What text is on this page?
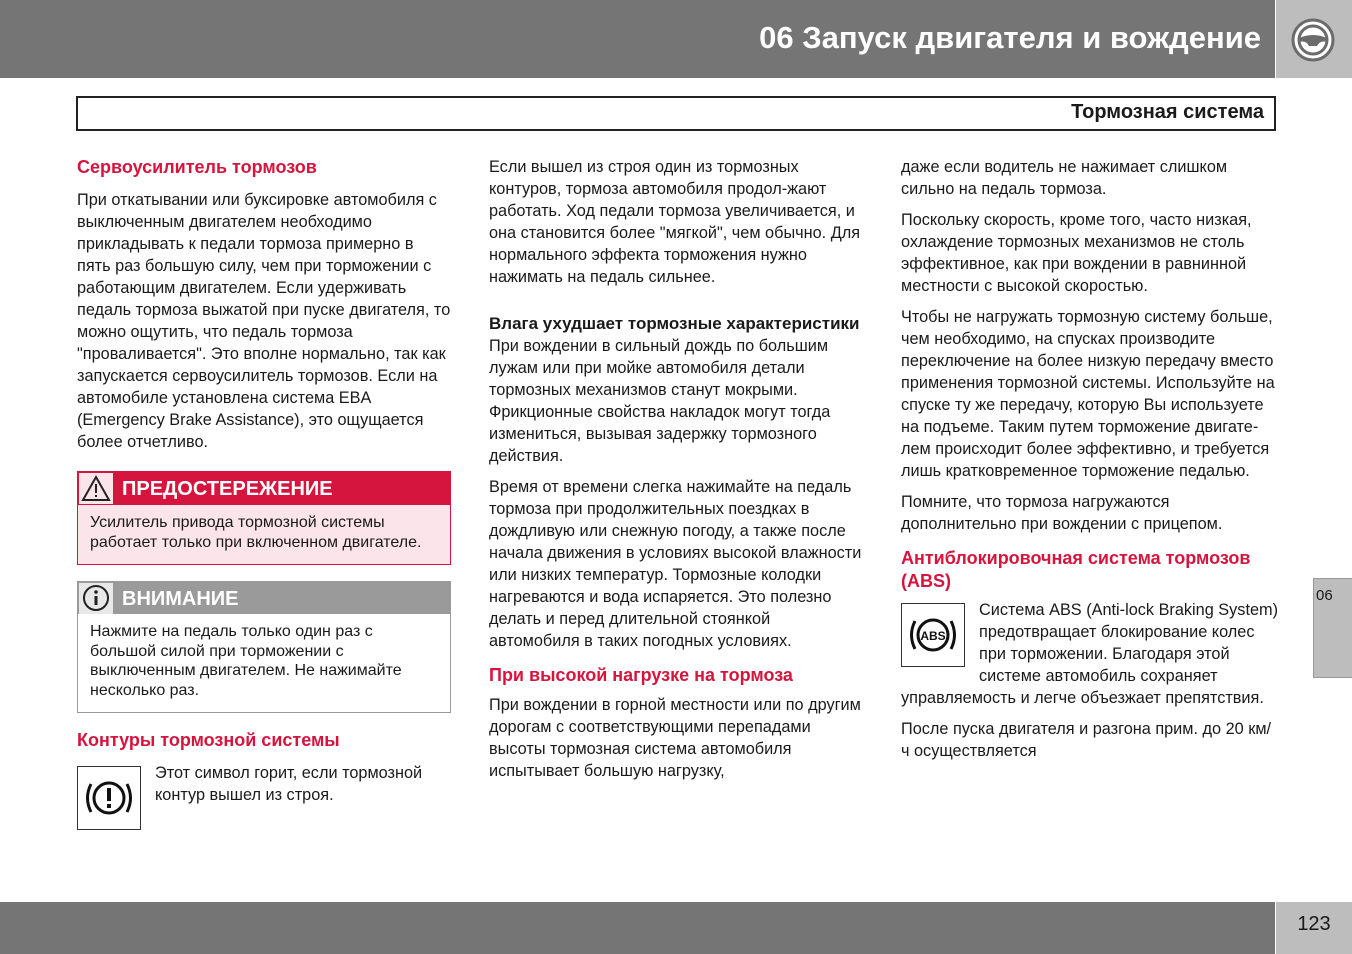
06 Запуск двигателя и вождение
Тормозная система
Сервоусилитель тормозов

При откатывании или буксировке автомобиля с выключенным двигателем необходимо прикладывать к педали тормоза примерно в пять раз большую силу, чем при торможении с работающим двигателем. Если удерживать педаль тормоза выжатой при пуске двигателя, то можно ощутить, что педаль тормоза "проваливается". Это вполне нормально, так как запускается сервоусилитель тормозов. Если на автомобиле установлена система EBA (Emergency Brake Assistance), это ощущается более отчетливо.

ПРЕДОСТЕРЕЖЕНИЕ
Усилитель привода тормозной системы работает только при включенном двигателе.
ВНИМАНИЕ
Нажмите на педаль только один раз с большой силой при торможении с выключенным двигателем. Не нажимайте несколько раз.
Контуры тормозной системы

Этот символ горит, если тормозной контур вышел из строя.

Если вышел из строя один из тормозных контуров, тормоза автомобиля продол-жают работать. Ход педали тормоза увеличивается, и она становится более "мягкой", чем обычно. Для нормального эффекта торможения нужно нажимать на педаль сильнее.

Влага ухудшает тормозные характеристики

При вождении в сильный дождь по большим лужам или при мойке автомобиля детали тормозных механизмов станут мокрыми. Фрикционные свойства накладок могут тогда измениться, вызывая задержку тормозного действия.

Время от времени слегка нажимайте на педаль тормоза при продолжительных поездках в дождливую или снежную погоду, а также после начала движения в условиях высокой влажности или низких температур. Тормозные колодки нагреваются и вода испаряется. Это полезно делать и перед длительной стоянкой автомобиля в таких погодных условиях.

При высокой нагрузке на тормоза

При вождении в горной местности или по другим дорогам с соответствующими перепадами высоты тормозная система автомобиля испытывает большую нагрузку,

даже если водитель не нажимает слишком сильно на педаль тормоза.

Поскольку скорость, кроме того, часто низкая, охлаждение тормозных механизмов не столь эффективное, как при вождении в равнинной местности с высокой скоростью.

Чтобы не нагружать тормозную систему больше, чем необходимо, на спусках производите переключение на более низкую передачу вместо применения тормозной системы. Используйте на спуске ту же передачу, которую Вы используете на подъеме. Таким путем торможение двигате-лем происходит более эффективно, и требуется лишь кратковременное торможение педалью.

Помните, что тормоза нагружаются дополнительно при вождении с прицепом.

Антиблокировочная система тормозов (ABS)
ABS

Система ABS (Anti-lock Braking System) предотвращает блокирование колес при торможении. Благодаря этой системе автомобиль сохраняет управляемость и легче объезжает препятствия.

После пуска двигателя и разгона прим. до 20 км/ч осуществляется

06
123
